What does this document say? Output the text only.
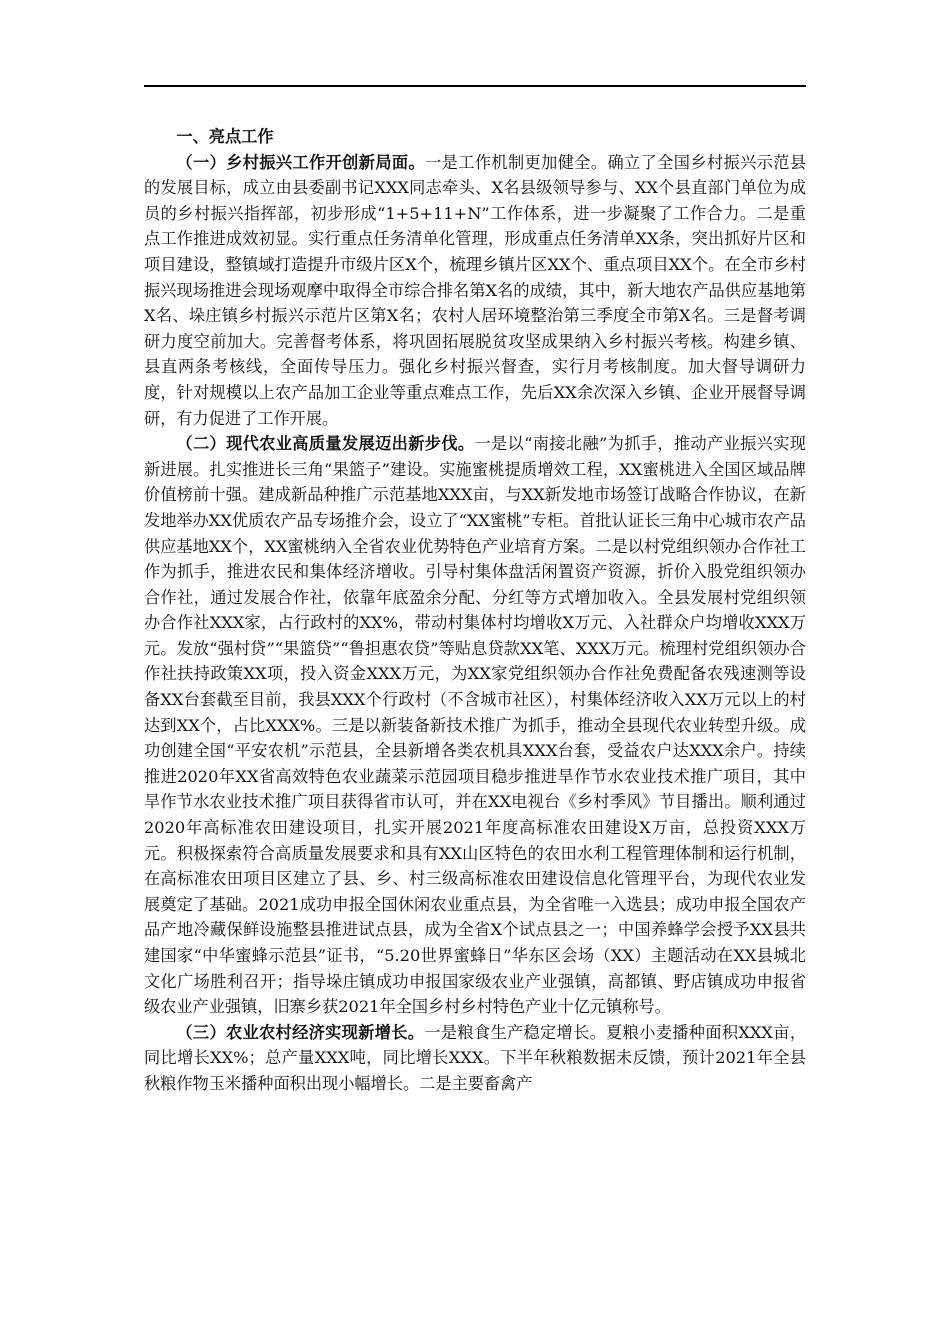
一、亮点工作

（一）乡村振兴工作开创新局面。一是工作机制更加健全。确立了全国乡村振兴示范县的发展目标，成立由县委副书记XXX同志牵头、X名县级领导参与、XX个县直部门单位为成员的乡村振兴指挥部，初步形成“1+5+11+N”工作体系，进一步凝聚了工作合力。二是重点工作推进成效初显。实行重点任务清单化管理，形成重点任务清单XX条，突出抓好片区和项目建设，整镇域打造提升市级片区X个，梳理乡镇片区XX个、重点项目XX个。在全市乡村振兴现场推进会现场观摩中取得全市综合排名第X名的成绩，其中，新大地农产品供应基地第X名、垛庄镇乡村振兴示范片区第X名；农村人居环境整治第三季度全市第X名。三是督考调研力度空前加大。完善督考体系，将巩固拓展脱贫攻坚成果纳入乡村振兴考核。构建乡镇、县直两条考核线，全面传导压力。强化乡村振兴督查，实行月考核制度。加大督导调研力度，针对规模以上农产品加工企业等重点难点工作，先后XX余次深入乡镇、企业开展督导调研，有力促进了工作开展。

（二）现代农业高质量发展迈出新步伐。一是以“南接北融”为抓手，推动产业振兴实现新进展。扎实推进长三角“果篮子”建设。实施蜜桃提质增效工程，XX蜜桃进入全国区域品牌价值榜前十强。建成新品种推广示范基地XXX亩，与XX新发地市场签订战略合作协议，在新发地举办XX优质农产品专场推介会，设立了“XX蜜桃”专柜。首批认证长三角中心城市农产品供应基地XX个，XX蜜桃纳入全省农业优势特色产业培育方案。二是以村党组织领办合作社工作为抓手，推进农民和集体经济增收。引导村集体盘活闲置资产资源，折价入股党组织领办合作社，通过发展合作社，依靠年底盈余分配、分红等方式增加收入。全县发展村党组织领办合作社XXX家，占行政村的XX%，带动村集体村均增收X万元、入社群众户均增收XXX万元。发放“强村贷”“果篮贷”“鲁担惠农贷”等贴息贷款XX笔、XXX万元。梳理村党组织领办合作社扶持政策XX项，投入资金XXX万元，为XX家党组织领办合作社免费配备农残速测等设备XX台套截至目前，我县XXX个行政村（不含城市社区），村集体经济收入XX万元以上的村达到XX个，占比XXX%。三是以新装备新技术推广为抓手，推动全县现代农业转型升级。成功创建全国“平安农机”示范县，全县新增各类农机具XXX台套，受益农户达XXX余户。持续推进2020年XX省高效特色农业蔬菜示范园项目稳步推进旱作节水农业技术推广项目，其中旱作节水农业技术推广项目获得省市认可，并在XX电视台《乡村季风》节目播出。顺利通过2020年高标准农田建设项目，扎实开展2021年度高标准农田建设X万亩，总投资XXX万元。积极探索符合高质量发展要求和具有XX山区特色的农田水利工程管理体制和运行机制，在高标准农田项目区建立了县、乡、村三级高标准农田建设信息化管理平台，为现代农业发展奠定了基础。2021成功申报全国休闲农业重点县，为全省唯一入选县；成功申报全国农产品产地冷藏保鲜设施整县推进试点县，成为全省X个试点县之一；中国养蜂学会授予XX县共建国家“中华蜜蜂示范县”证书，“5.20世界蜜蜂日”华东区会场（XX）主题活动在XX县城北文化广场胜利召开；指导垛庄镇成功申报国家级农业产业强镇，高都镇、野店镇成功申报省级农业产业强镇，旧寨乡获2021年全国乡村乡村特色产业十亿元镇称号。

（三）农业农村经济实现新增长。一是粮食生产稳定增长。夏粮小麦播种面积XXX亩，同比增长XX%；总产量XXX吨，同比增长XXX。下半年秋粮数据未反馈，预计2021年全县秋粮作物玉米播种面积出现小幅增长。二是主要畜禽产
